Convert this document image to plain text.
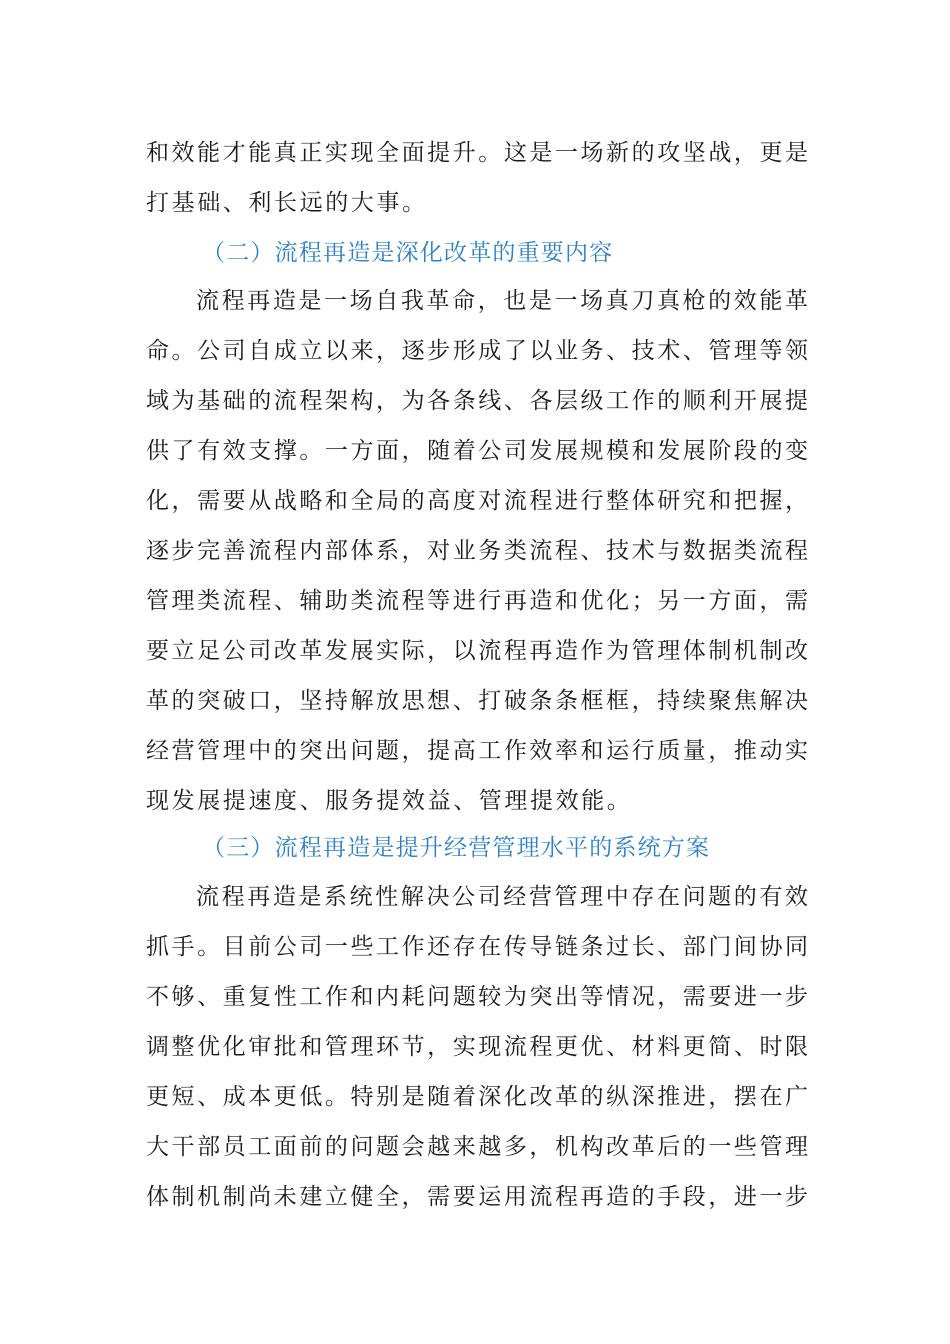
和效能才能真正实现全面提升。这是一场新的攻坚战，更是
打基础、利长远的大事。
（二）流程再造是深化改革的重要内容
流程再造是一场自我革命，也是一场真刀真枪的效能革
命。公司自成立以来，逐步形成了以业务、技术、管理等领
域为基础的流程架构，为各条线、各层级工作的顺利开展提
供了有效支撑。一方面，随着公司发展规模和发展阶段的变
化，需要从战略和全局的高度对流程进行整体研究和把握，
逐步完善流程内部体系，对业务类流程、技术与数据类流程
管理类流程、辅助类流程等进行再造和优化；另一方面，需
要立足公司改革发展实际，以流程再造作为管理体制机制改
革的突破口，坚持解放思想、打破条条框框，持续聚焦解决
经营管理中的突出问题，提高工作效率和运行质量，推动实
现发展提速度、服务提效益、管理提效能。
（三）流程再造是提升经营管理水平的系统方案
流程再造是系统性解决公司经营管理中存在问题的有效
抓手。目前公司一些工作还存在传导链条过长、部门间协同
不够、重复性工作和内耗问题较为突出等情况，需要进一步
调整优化审批和管理环节，实现流程更优、材料更简、时限
更短、成本更低。特别是随着深化改革的纵深推进，摆在广
大干部员工面前的问题会越来越多，机构改革后的一些管理
体制机制尚未建立健全，需要运用流程再造的手段，进一步
